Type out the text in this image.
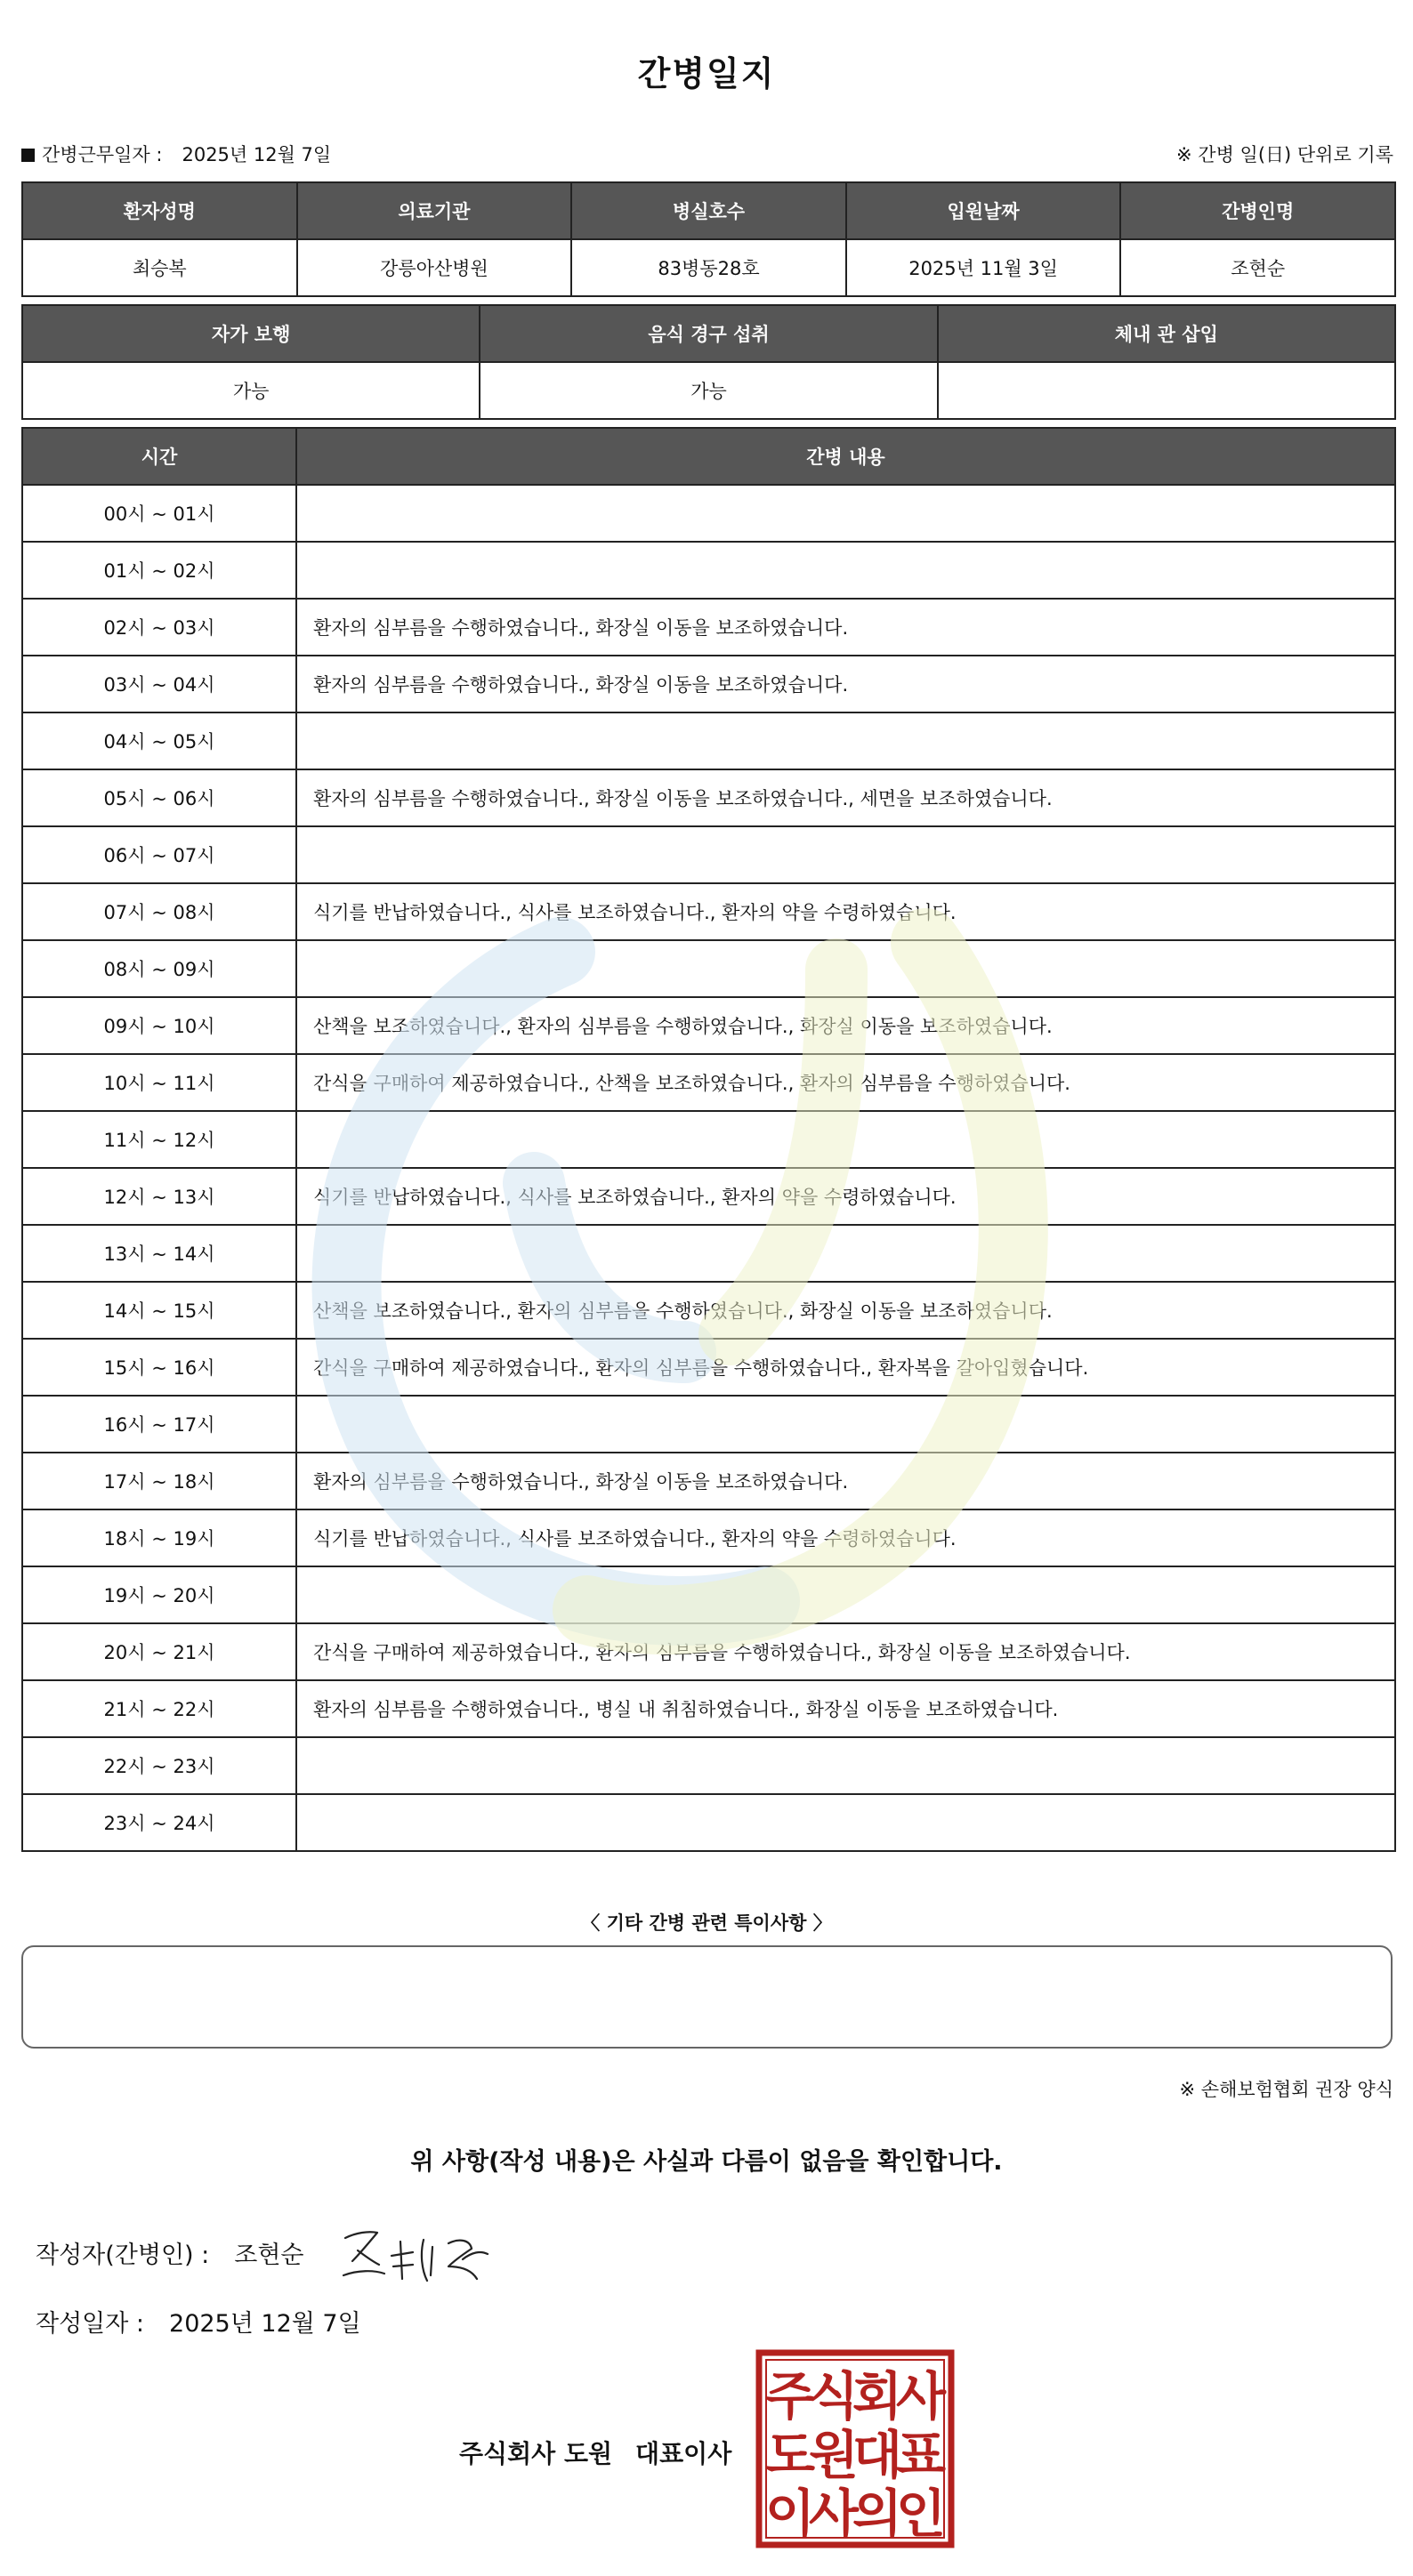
간병일지
간병근무일자 : 2025년 12월 7일	※ 간병 일(日) 단위로 기록
환자성명	의료기관	병실호수	입원날짜	간병인명
최승복	강릉아산병원	83병동28호	2025년 11월 3일	조현순
자가 보행	음식 경구 섭취	체내 관 삽입
가능	가능	
시간	간병 내용
00시 ~ 01시	
01시 ~ 02시	
02시 ~ 03시	환자의 심부름을 수행하였습니다., 화장실 이동을 보조하였습니다.
03시 ~ 04시	환자의 심부름을 수행하였습니다., 화장실 이동을 보조하였습니다.
04시 ~ 05시	
05시 ~ 06시	환자의 심부름을 수행하였습니다., 화장실 이동을 보조하였습니다., 세면을 보조하였습니다.
06시 ~ 07시	
07시 ~ 08시	식기를 반납하였습니다., 식사를 보조하였습니다., 환자의 약을 수령하였습니다.
08시 ~ 09시	
09시 ~ 10시	산책을 보조하였습니다., 환자의 심부름을 수행하였습니다., 화장실 이동을 보조하였습니다.
10시 ~ 11시	간식을 구매하여 제공하였습니다., 산책을 보조하였습니다., 환자의 심부름을 수행하였습니다.
11시 ~ 12시	
12시 ~ 13시	식기를 반납하였습니다., 식사를 보조하였습니다., 환자의 약을 수령하였습니다.
13시 ~ 14시	
14시 ~ 15시	산책을 보조하였습니다., 환자의 심부름을 수행하였습니다., 화장실 이동을 보조하였습니다.
15시 ~ 16시	간식을 구매하여 제공하였습니다., 환자의 심부름을 수행하였습니다., 환자복을 갈아입혔습니다.
16시 ~ 17시	
17시 ~ 18시	환자의 심부름을 수행하였습니다., 화장실 이동을 보조하였습니다.
18시 ~ 19시	식기를 반납하였습니다., 식사를 보조하였습니다., 환자의 약을 수령하였습니다.
19시 ~ 20시	
20시 ~ 21시	간식을 구매하여 제공하였습니다., 환자의 심부름을 수행하였습니다., 화장실 이동을 보조하였습니다.
21시 ~ 22시	환자의 심부름을 수행하였습니다., 병실 내 취침하였습니다., 화장실 이동을 보조하였습니다.
22시 ~ 23시	
23시 ~ 24시	
〈 기타 간병 관련 특이사항 〉
※ 손해보험협회 권장 양식
위 사항(작성 내용)은 사실과 다름이 없음을 확인합니다.
작성자(간병인) : 조현순
작성일자 : 2025년 12월 7일
주식회사 도원 대표이사
주
식
회
사
도
원
대
표
이
사
의
인
